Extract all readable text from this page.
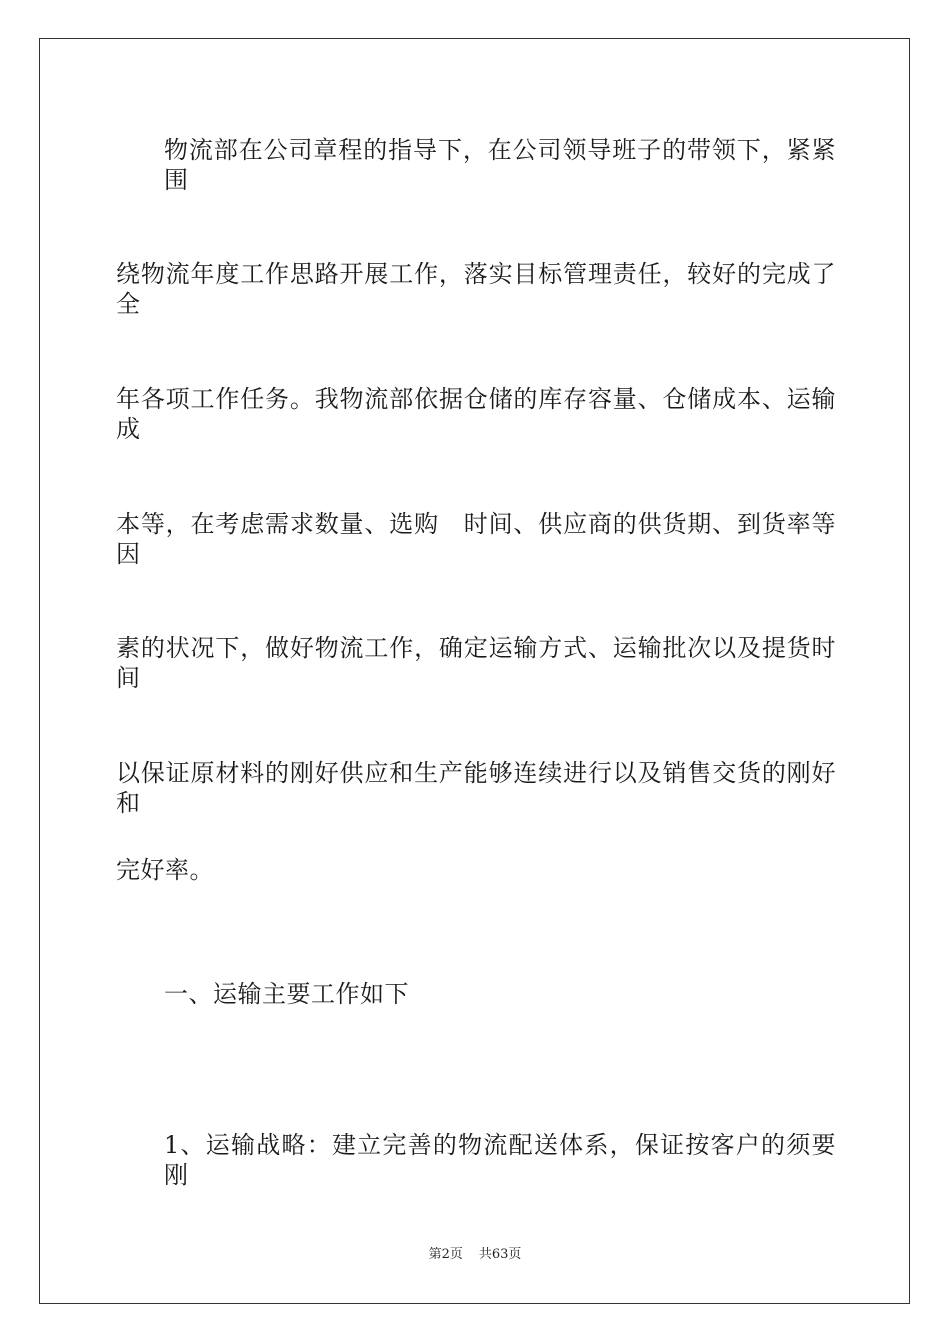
物流部在公司章程的指导下，在公司领导班子的带领下，紧紧围
绕物流年度工作思路开展工作，落实目标管理责任，较好的完成了全
年各项工作任务。我物流部依据仓储的库存容量、仓储成本、运输成
本等，在考虑需求数量、选购　时间、供应商的供货期、到货率等因
素的状况下，做好物流工作，确定运输方式、运输批次以及提货时间
以保证原材料的刚好供应和生产能够连续进行以及销售交货的刚好和
完好率。
一、运输主要工作如下
1、运输战略：建立完善的物流配送体系，保证按客户的须要刚
第2页 共63页
